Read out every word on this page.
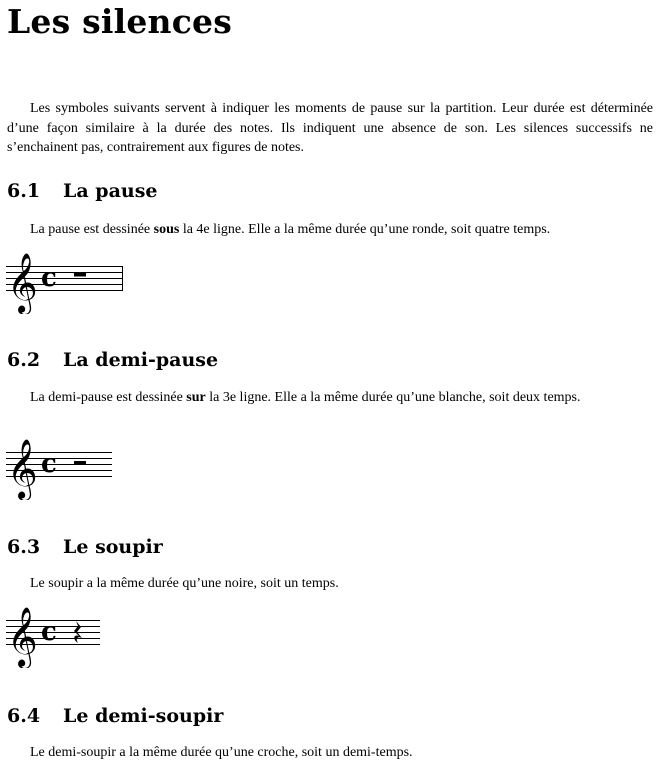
Les silences

Les symboles suivants servent à indiquer les moments de pause sur la partition. Leur durée est déterminée d’une façon similaire à la durée des notes. Ils indiquent une absence de son. Les silences successifs ne s’enchainent pas, contrairement aux figures de notes.

6.1 La pause

La pause est dessinée sous la 4e ligne. Elle a la même durée qu’une ronde, soit quatre temps.

𝄞 c
6.2 La demi-pause

La demi-pause est dessinée sur la 3e ligne. Elle a la même durée qu’une blanche, soit deux temps.

𝄞 c
6.3 Le soupir

Le soupir a la même durée qu’une noire, soit un temps.

𝄞 c
6.4 Le demi-soupir

Le demi-soupir a la même durée qu’une croche, soit un demi-temps.
